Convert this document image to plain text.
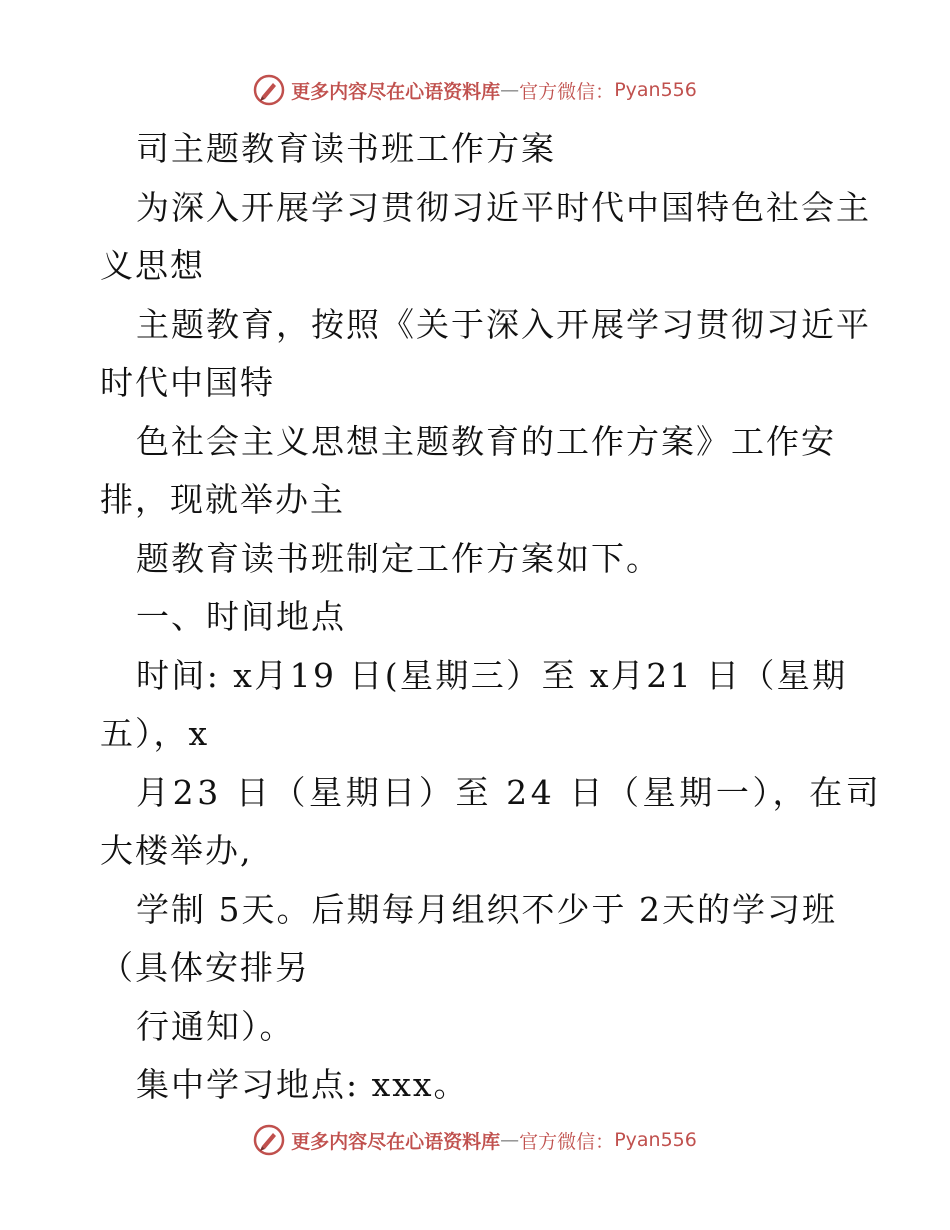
更多内容尽在心语资料库 — 官方微信： Pyan556
司主题教育读书班工作方案
为深入开展学习贯彻习近平时代中国特色社会主
义思想
主题教育，按照《关于深入开展学习贯彻习近平
时代中国特
色社会主义思想主题教育的工作方案》工作安
排，现就举办主
题教育读书班制定工作方案如下。
一、时间地点
时间: x月19 日(星期三）至 x月21 日（星期
五），x
月23 日（星期日）至 24 日（星期一），在司
大楼举办,
学制 5天。后期每月组织不少于 2天的学习班
（具体安排另
行通知）。
集中学习地点: xxx。
更多内容尽在心语资料库 — 官方微信： Pyan556
